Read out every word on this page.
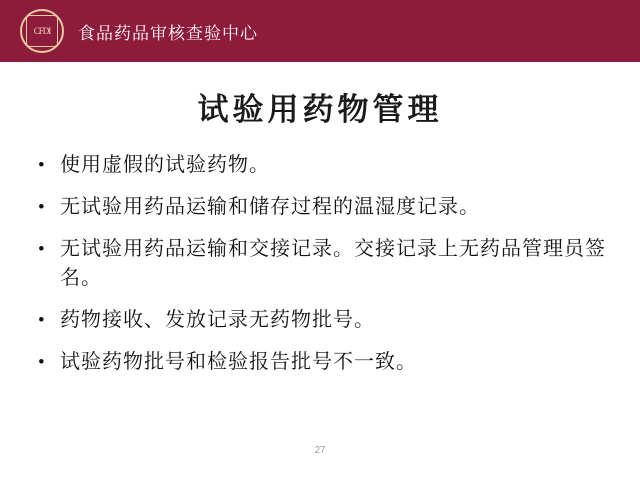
CFDI	食品药品审核查验中心
试验用药物管理
• 使用虚假的试验药物。
• 无试验用药品运输和储存过程的温湿度记录。
• 无试验用药品运输和交接记录。交接记录上无药品管理员签名。
• 药物接收、发放记录无药物批号。
• 试验药物批号和检验报告批号不一致。
27
